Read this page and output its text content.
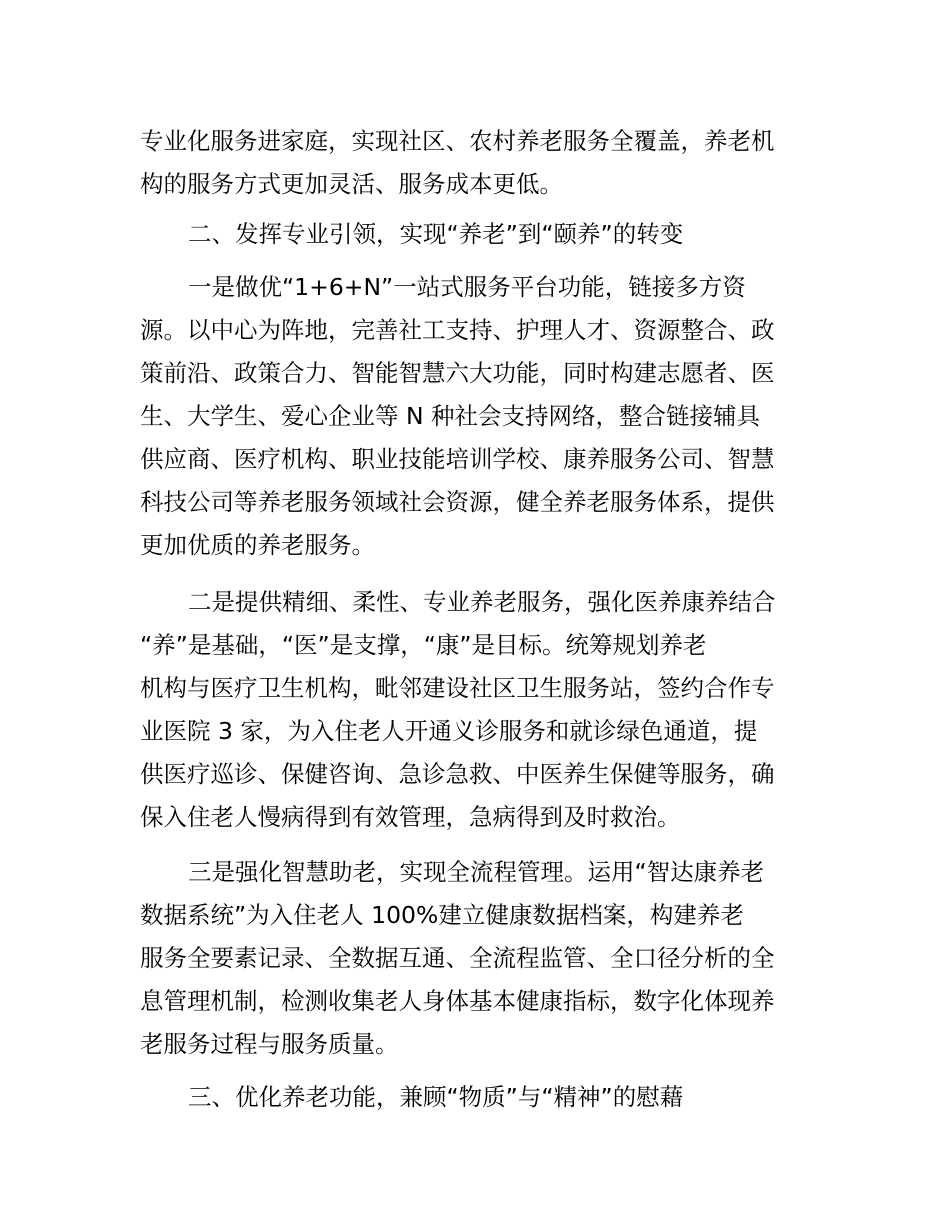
专业化服务进家庭，实现社区、农村养老服务全覆盖，养老机
构的服务方式更加灵活、服务成本更低。
二、发挥专业引领，实现“养老”到“颐养”的转变
一是做优“1+6+N”一站式服务平台功能，链接多方资
源。以中心为阵地，完善社工支持、护理人才、资源整合、政
策前沿、政策合力、智能智慧六大功能，同时构建志愿者、医
生、大学生、爱心企业等 N 种社会支持网络，整合链接辅具
供应商、医疗机构、职业技能培训学校、康养服务公司、智慧
科技公司等养老服务领域社会资源，健全养老服务体系，提供
更加优质的养老服务。
二是提供精细、柔性、专业养老服务，强化医养康养结合
“养”是基础，“医”是支撑，“康”是目标。统筹规划养老
机构与医疗卫生机构，毗邻建设社区卫生服务站，签约合作专
业医院 3 家，为入住老人开通义诊服务和就诊绿色通道，提
供医疗巡诊、保健咨询、急诊急救、中医养生保健等服务，确
保入住老人慢病得到有效管理，急病得到及时救治。
三是强化智慧助老，实现全流程管理。运用“智达康养老
数据系统”为入住老人 100%建立健康数据档案，构建养老
服务全要素记录、全数据互通、全流程监管、全口径分析的全
息管理机制，检测收集老人身体基本健康指标，数字化体现养
老服务过程与服务质量。
三、优化养老功能，兼顾“物质”与“精神”的慰藉
